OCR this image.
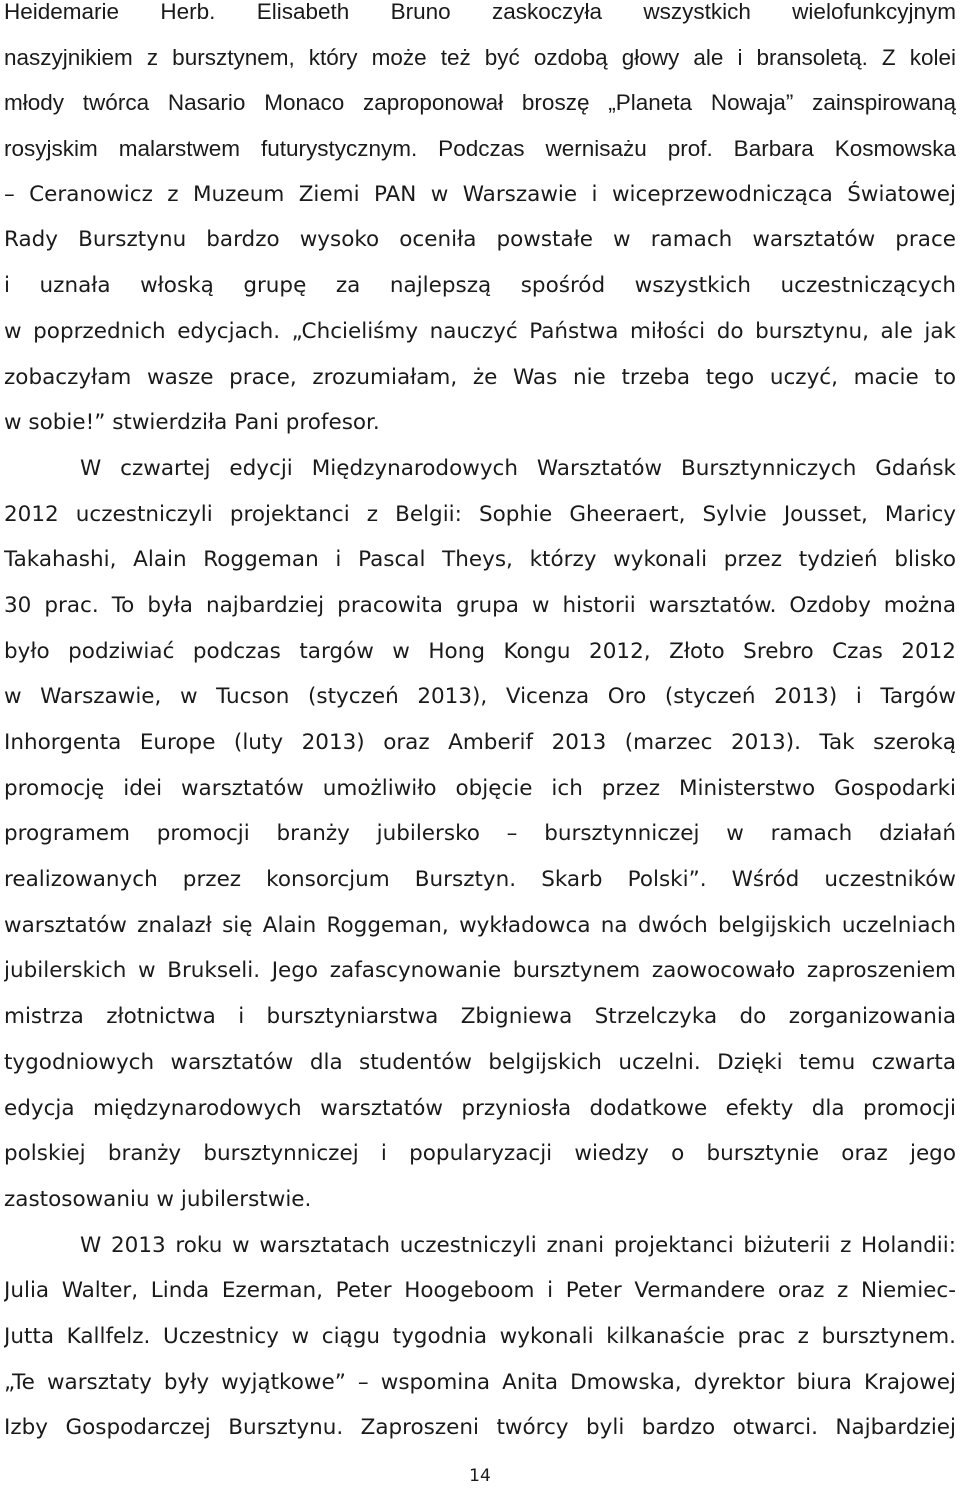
Heidemarie Herb. Elisabeth Bruno zaskoczyła wszystkich wielofunkcyjnym
naszyjnikiem z bursztynem, który może też być ozdobą głowy ale i bransoletą. Z kolei
młody twórca Nasario Monaco zaproponował broszę „Planeta Nowaja” zainspirowaną
rosyjskim malarstwem futurystycznym. Podczas wernisażu prof. Barbara Kosmowska
– Ceranowicz z Muzeum Ziemi PAN w Warszawie i wiceprzewodnicząca Światowej
Rady Bursztynu bardzo wysoko oceniła powstałe w ramach warsztatów prace
i uznała włoską grupę za najlepszą spośród wszystkich uczestniczących
w poprzednich edycjach. „Chcieliśmy nauczyć Państwa miłości do bursztynu, ale jak
zobaczyłam wasze prace, zrozumiałam, że Was nie trzeba tego uczyć, macie to
w sobie!” stwierdziła Pani profesor.
W czwartej edycji Międzynarodowych Warsztatów Bursztynniczych Gdańsk
2012 uczestniczyli projektanci z Belgii: Sophie Gheeraert, Sylvie Jousset, Maricy
Takahashi, Alain Roggeman i Pascal Theys, którzy wykonali przez tydzień blisko
30 prac. To była najbardziej pracowita grupa w historii warsztatów. Ozdoby można
było podziwiać podczas targów w Hong Kongu 2012, Złoto Srebro Czas 2012
w Warszawie, w Tucson (styczeń 2013), Vicenza Oro (styczeń 2013) i Targów
Inhorgenta Europe (luty 2013) oraz Amberif 2013 (marzec 2013). Tak szeroką
promocję idei warsztatów umożliwiło objęcie ich przez Ministerstwo Gospodarki
programem promocji branży jubilersko – bursztynniczej w ramach działań
realizowanych przez konsorcjum Bursztyn. Skarb Polski”. Wśród uczestników
warsztatów znalazł się Alain Roggeman, wykładowca na dwóch belgijskich uczelniach
jubilerskich w Brukseli. Jego zafascynowanie bursztynem zaowocowało zaproszeniem
mistrza złotnictwa i bursztyniarstwa Zbigniewa Strzelczyka do zorganizowania
tygodniowych warsztatów dla studentów belgijskich uczelni. Dzięki temu czwarta
edycja międzynarodowych warsztatów przyniosła dodatkowe efekty dla promocji
polskiej branży bursztynniczej i popularyzacji wiedzy o bursztynie oraz jego
zastosowaniu w jubilerstwie.
W 2013 roku w warsztatach uczestniczyli znani projektanci biżuterii z Holandii:
Julia Walter, Linda Ezerman, Peter Hoogeboom i Peter Vermandere oraz z Niemiec-
Jutta Kallfelz. Uczestnicy w ciągu tygodnia wykonali kilkanaście prac z bursztynem.
„Te warsztaty były wyjątkowe” – wspomina Anita Dmowska, dyrektor biura Krajowej
Izby Gospodarczej Bursztynu. Zaproszeni twórcy byli bardzo otwarci. Najbardziej
14
